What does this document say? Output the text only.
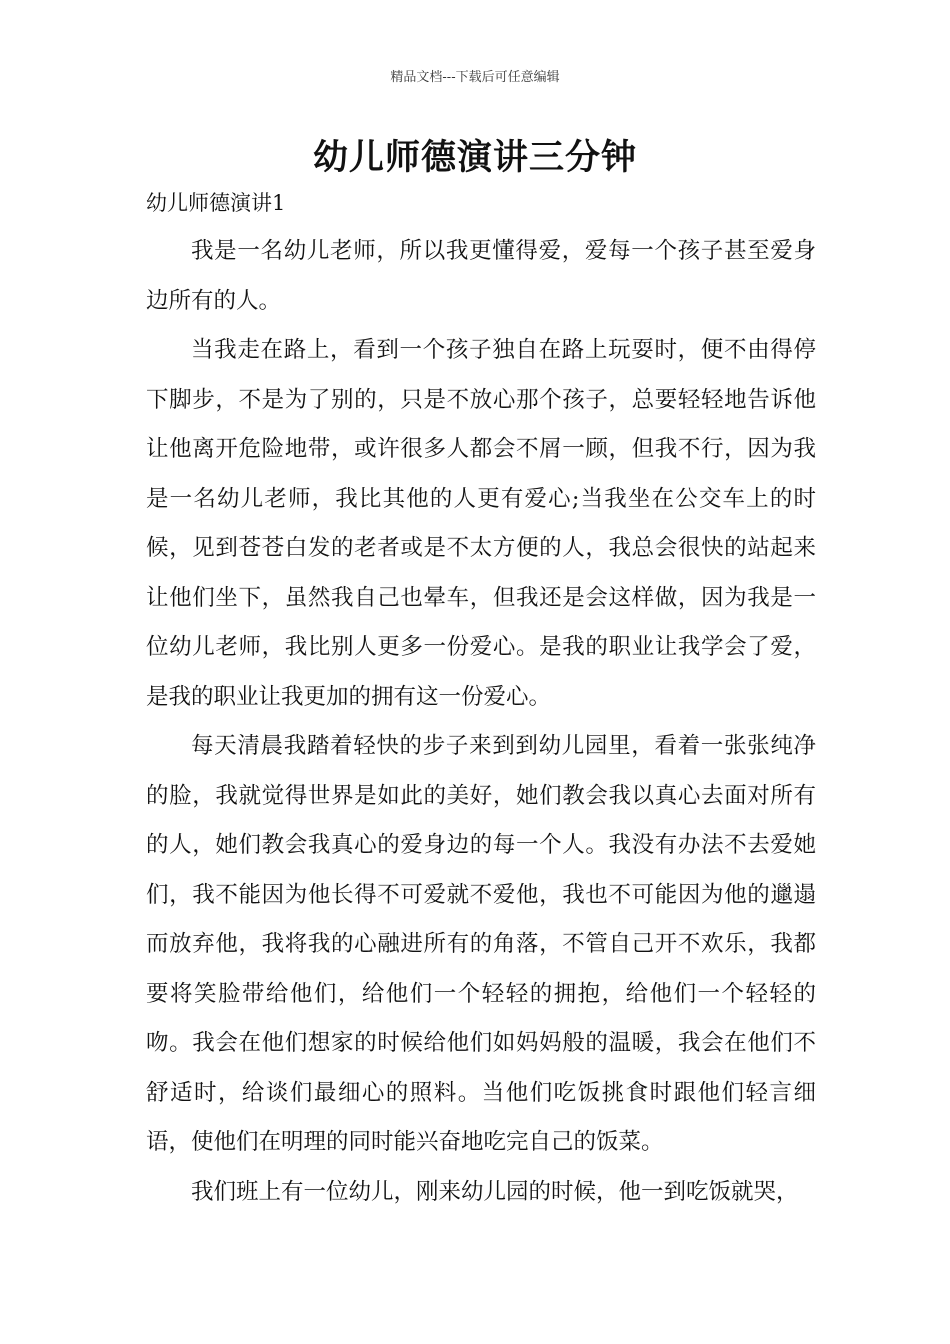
精品文档---下载后可任意编辑
幼儿师德演讲三分钟
幼儿师德演讲1

我是一名幼儿老师，所以我更懂得爱，爱每一个孩子甚至爱身边所有的人。

当我走在路上，看到一个孩子独自在路上玩耍时，便不由得停下脚步，不是为了别的，只是不放心那个孩子，总要轻轻地告诉他让他离开危险地带，或许很多人都会不屑一顾，但我不行，因为我是一名幼儿老师，我比其他的人更有爱心;当我坐在公交车上的时候，见到苍苍白发的老者或是不太方便的人，我总会很快的站起来让他们坐下，虽然我自己也晕车，但我还是会这样做，因为我是一位幼儿老师，我比别人更多一份爱心。是我的职业让我学会了爱，是我的职业让我更加的拥有这一份爱心。

每天清晨我踏着轻快的步子来到到幼儿园里，看着一张张纯净的脸，我就觉得世界是如此的美好，她们教会我以真心去面对所有的人，她们教会我真心的爱身边的每一个人。我没有办法不去爱她们，我不能因为他长得不可爱就不爱他，我也不可能因为他的邋遢而放弃他，我将我的心融进所有的角落，不管自己开不欢乐，我都要将笑脸带给他们，给他们一个轻轻的拥抱，给他们一个轻轻的吻。我会在他们想家的时候给他们如妈妈般的温暖，我会在他们不舒适时，给谈们最细心的照料。当他们吃饭挑食时跟他们轻言细语，使他们在明理的同时能兴奋地吃完自己的饭菜。

我们班上有一位幼儿，刚来幼儿园的时候，他一到吃饭就哭，
